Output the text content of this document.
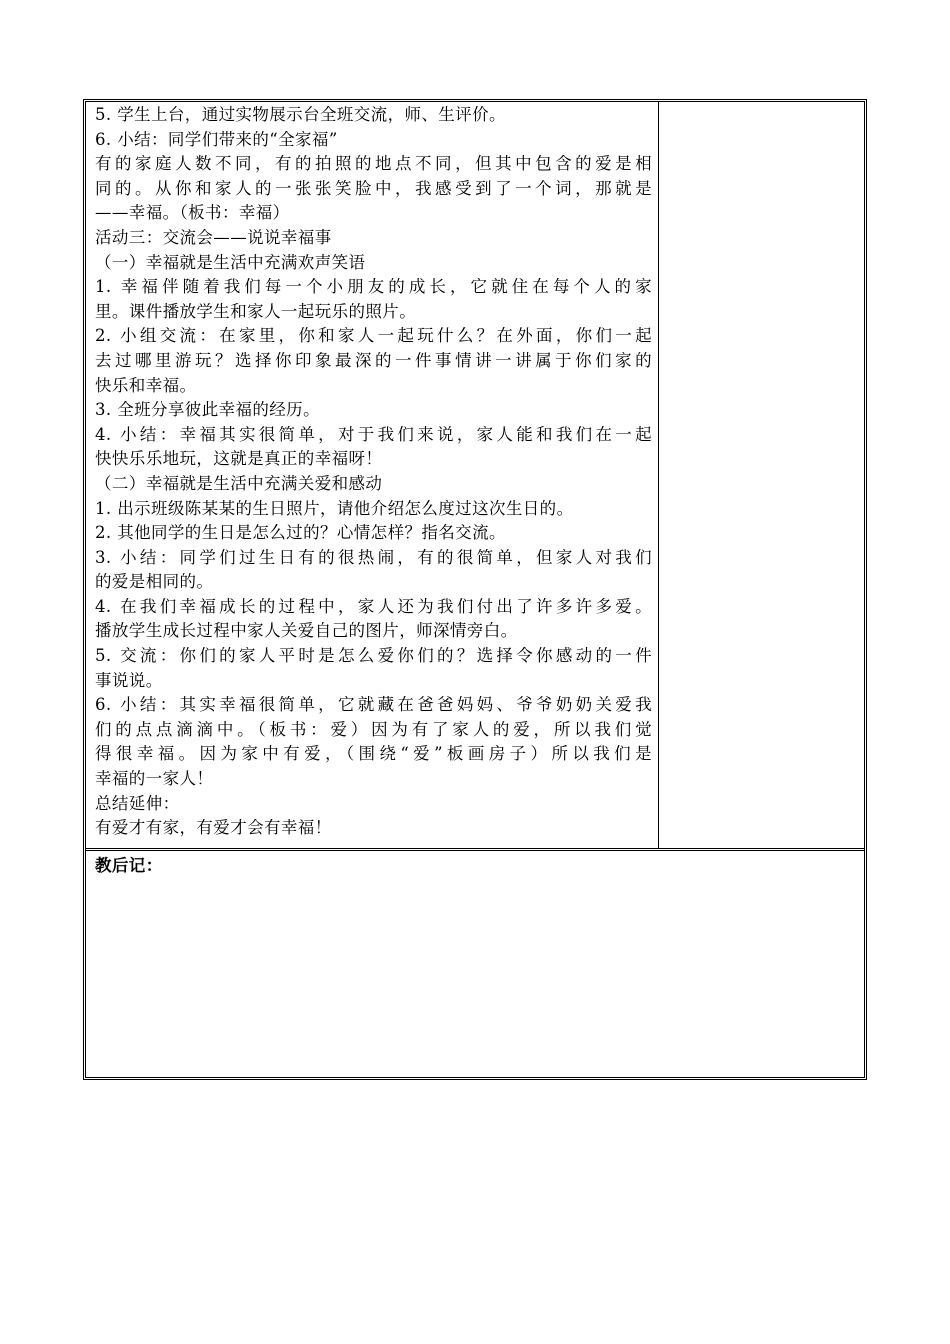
5. 学生上台，通过实物展示台全班交流，师、生评价。
6. 小结：同学们带来的“全家福”
有的家庭人数不同，有的拍照的地点不同，但其中包含的爱是相
同的。从你和家人的一张张笑脸中，我感受到了一个词，那就是
——幸福。（板书：幸福）
活动三：交流会——说说幸福事
（一）幸福就是生活中充满欢声笑语
1. 幸福伴随着我们每一个小朋友的成长，它就住在每个人的家
里。课件播放学生和家人一起玩乐的照片。
2. 小组交流：在家里，你和家人一起玩什么？在外面，你们一起
去过哪里游玩？选择你印象最深的一件事情讲一讲属于你们家的
快乐和幸福。
3. 全班分享彼此幸福的经历。
4. 小结：幸福其实很简单，对于我们来说，家人能和我们在一起
快快乐乐地玩，这就是真正的幸福呀！
（二）幸福就是生活中充满关爱和感动
1. 出示班级陈某某的生日照片，请他介绍怎么度过这次生日的。
2. 其他同学的生日是怎么过的？心情怎样？指名交流。
3. 小结：同学们过生日有的很热闹，有的很简单，但家人对我们
的爱是相同的。
4. 在我们幸福成长的过程中，家人还为我们付出了许多许多爱。
播放学生成长过程中家人关爱自己的图片，师深情旁白。
5. 交流：你们的家人平时是怎么爱你们的？选择令你感动的一件
事说说。
6. 小结：其实幸福很简单，它就藏在爸爸妈妈、爷爷奶奶关爱我
们的点点滴滴中。（板书：爱）因为有了家人的爱，所以我们觉
得很幸福。因为家中有爱，（围绕“爱”板画房子）所以我们是
幸福的一家人！
总结延伸：
有爱才有家，有爱才会有幸福！
教后记：
